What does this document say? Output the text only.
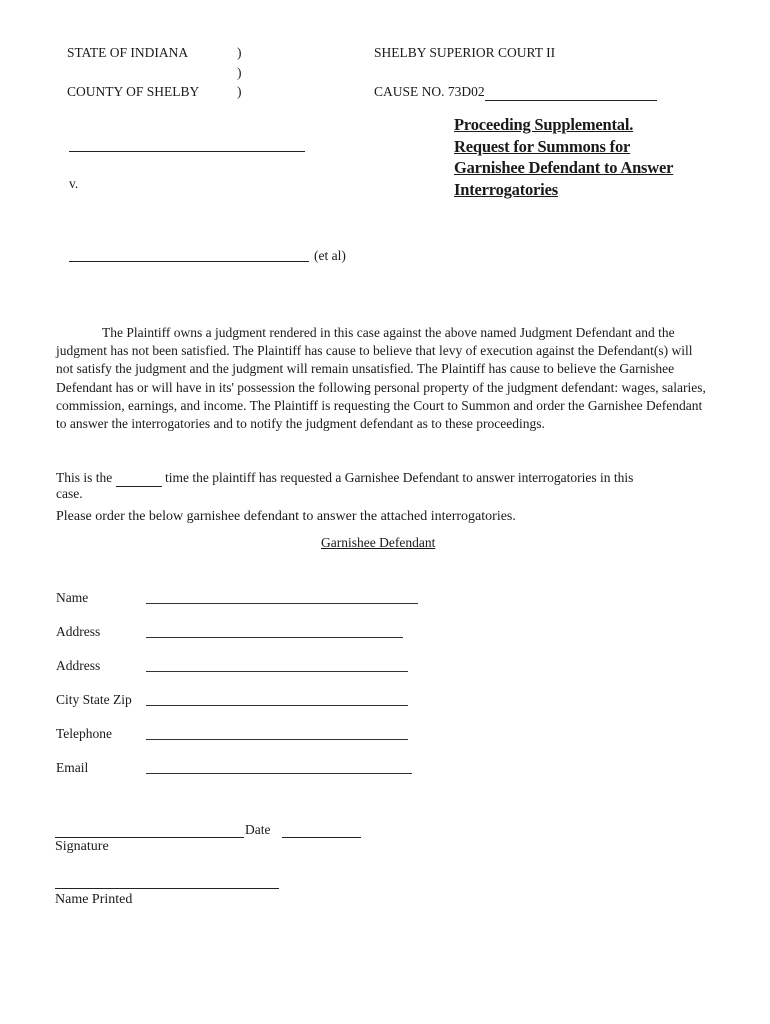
STATE OF INDIANA
COUNTY OF SHELBY
)
)
)
SHELBY SUPERIOR COURT II
CAUSE NO. 73D02
Proceeding Supplemental.
Request for Summons for
Garnishee Defendant to Answer
Interrogatories
v.
(et al)
The Plaintiff owns a judgment rendered in this case against the above named Judgment Defendant and the judgment has not been satisfied. The Plaintiff has cause to believe that levy of execution against the Defendant(s) will not satisfy the judgment and the judgment will remain unsatisfied. The Plaintiff has cause to believe the Garnishee Defendant has or will have in its' possession the following personal property of the judgment defendant: wages, salaries, commission, earnings, and income. The Plaintiff is requesting the Court to Summon and order the Garnishee Defendant to answer the interrogatories and to notify the judgment defendant as to these proceedings.
This is the	time the plaintiff has requested a Garnishee Defendant to answer interrogatories in this
case.
Please order the below garnishee defendant to answer the attached interrogatories.
Garnishee Defendant
Name
Address
Address
City State Zip
Telephone
Email
Date
Signature
Name Printed
